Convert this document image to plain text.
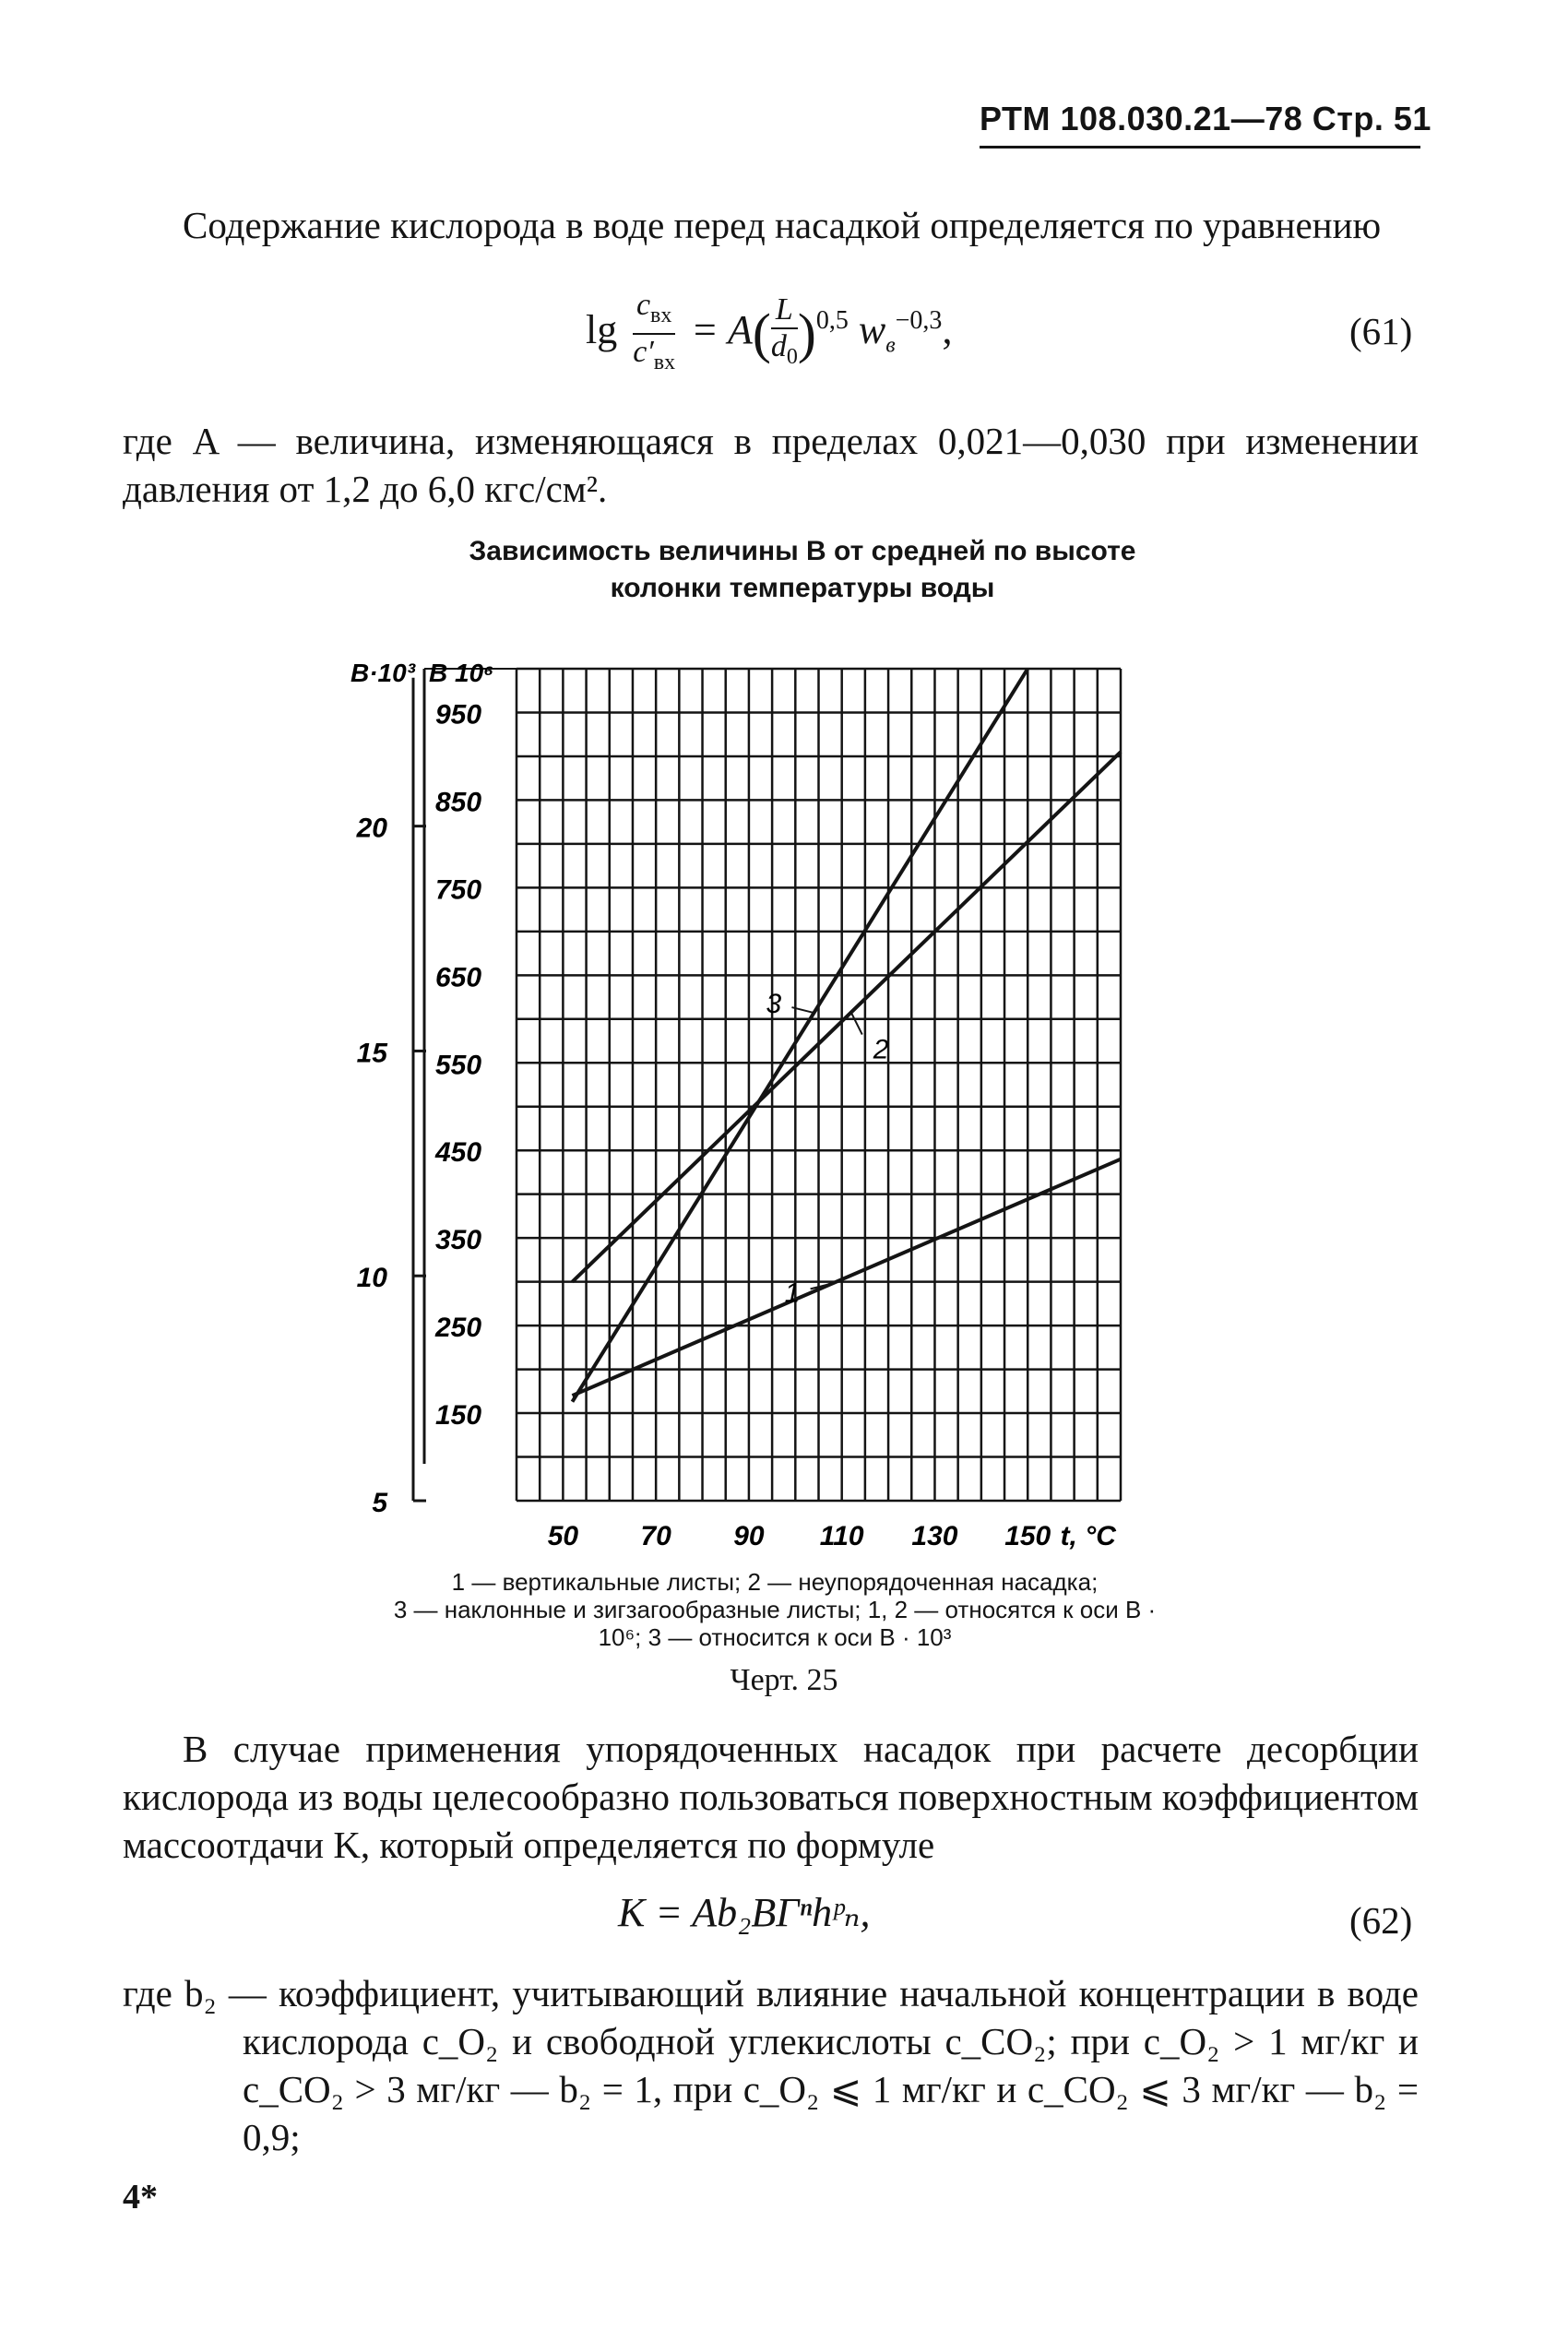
РТМ 108.030.21—78 Стр. 51
Содержание кислорода в воде перед насадкой определяется по уравнению
lg
$c_{вх}$
$c'_{вх}$
= $A( \frac{L}{d_0} )^{0,5}$ $w_в^{-0,3}$,	(61)
где A — величина, изменяющаяся в пределах 0,021—0,030 при изменении давления от 1,2 до 6,0 кгс/см².
Зависимость величины B от средней по высоте
колонки температуры воды
950
850
750
650
550
450
350
250
150
20
15
10
5
B·10³ B 10⁶
50 70 90 110 130 150 t, °C
1
2
3
1 — вертикальные листы; 2 — неупорядоченная насадка;
3 — наклонные и зигзагообразные листы; 1, 2 — относятся к оси B · 10⁶; 3 — относится к оси B · 10³
Черт. 25
В случае применения упорядоченных насадок при расчете десорбции кислорода из воды целесообразно пользоваться поверхностным коэффициентом массоотдачи K, который определяется по формуле
K = Ab₂BΓⁿhᵖₙ,	(62)
где b₂ — коэффициент, учитывающий влияние начальной концентрации в воде кислорода c_O₂ и свободной углекислоты c_CO₂; при c_O₂ > 1 мг/кг и c_CO₂ > 3 мг/кг — b₂ = 1, при c_O₂ ⩽ 1 мг/кг и c_CO₂ ⩽ 3 мг/кг — b₂ = 0,9;
4*
